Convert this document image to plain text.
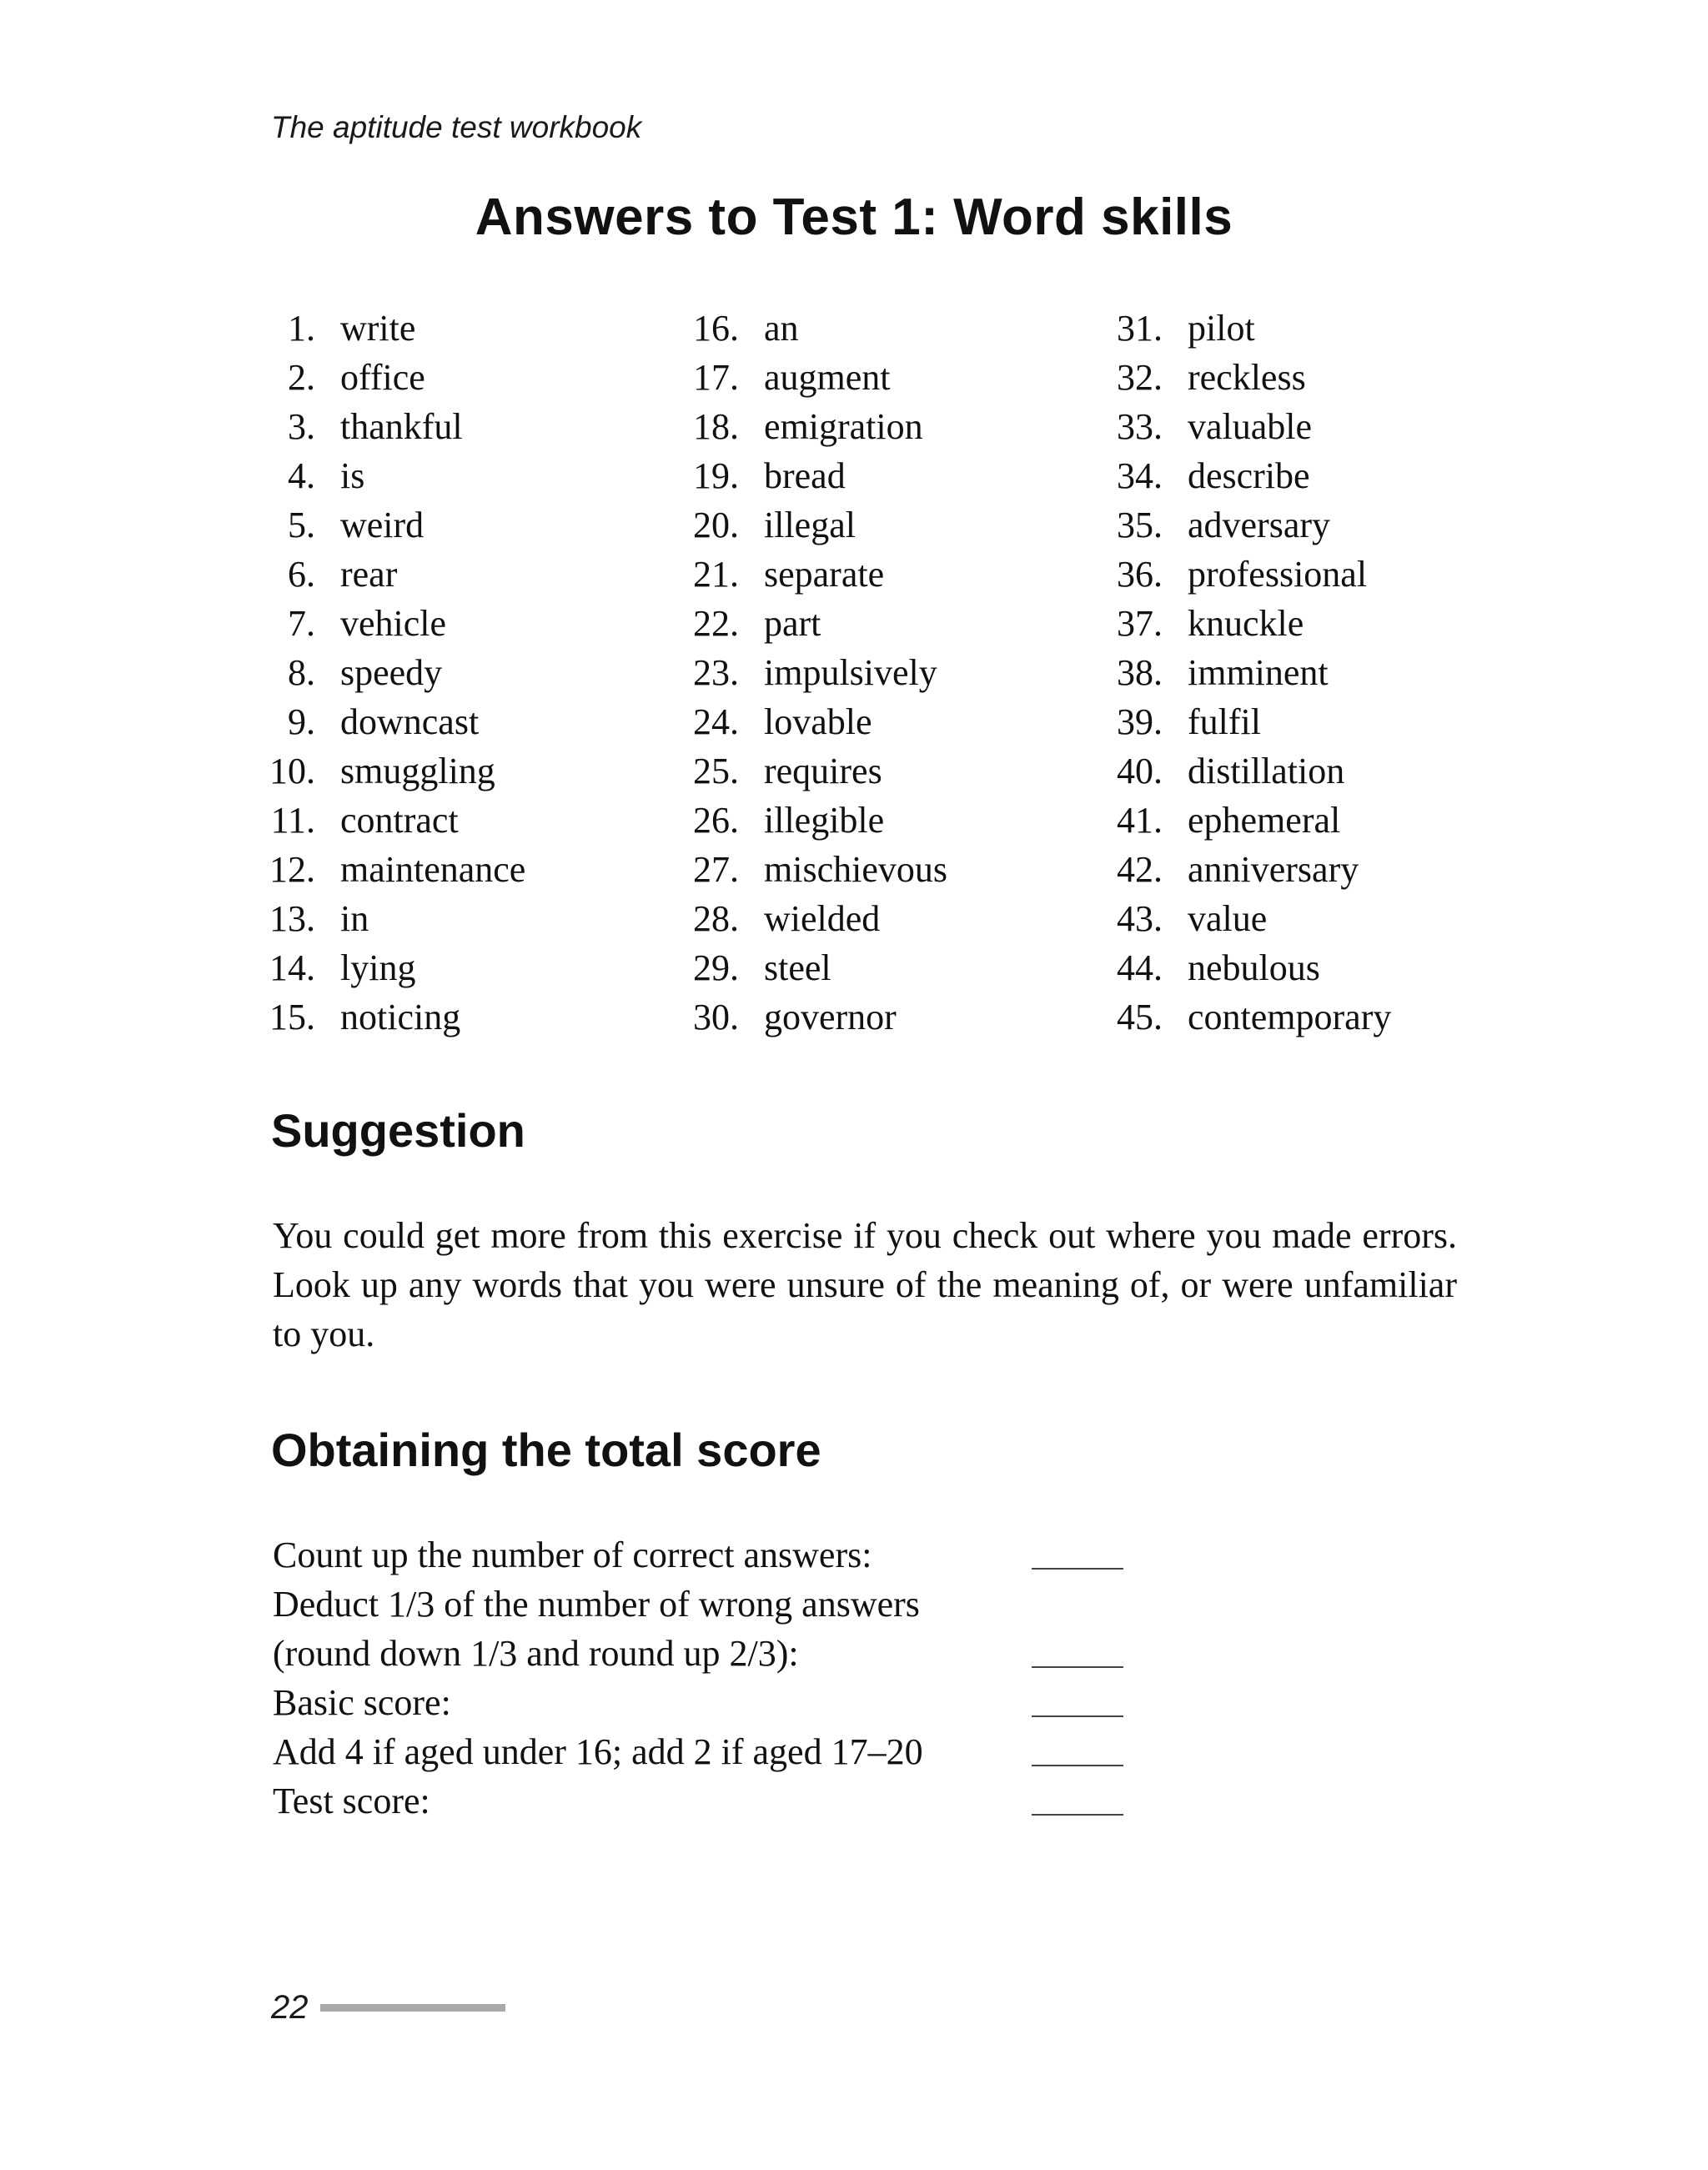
The aptitude test workbook
Answers to Test 1: Word skills
1. write
2. office
3. thankful
4. is
5. weird
6. rear
7. vehicle
8. speedy
9. downcast
10. smuggling
11. contract
12. maintenance
13. in
14. lying
15. noticing
16. an
17. augment
18. emigration
19. bread
20. illegal
21. separate
22. part
23. impulsively
24. lovable
25. requires
26. illegible
27. mischievous
28. wielded
29. steel
30. governor
31. pilot
32. reckless
33. valuable
34. describe
35. adversary
36. professional
37. knuckle
38. imminent
39. fulfil
40. distillation
41. ephemeral
42. anniversary
43. value
44. nebulous
45. contemporary
Suggestion

You could get more from this exercise if you check out where you made errors. Look up any words that you were unsure of the meaning of, or were unfamiliar to you.

Obtaining the total score
Count up the number of correct answers:
Deduct 1/3 of the number of wrong answers
(round down 1/3 and round up 2/3):
Basic score:
Add 4 if aged under 16; add 2 if aged 17–20
Test score:
22
